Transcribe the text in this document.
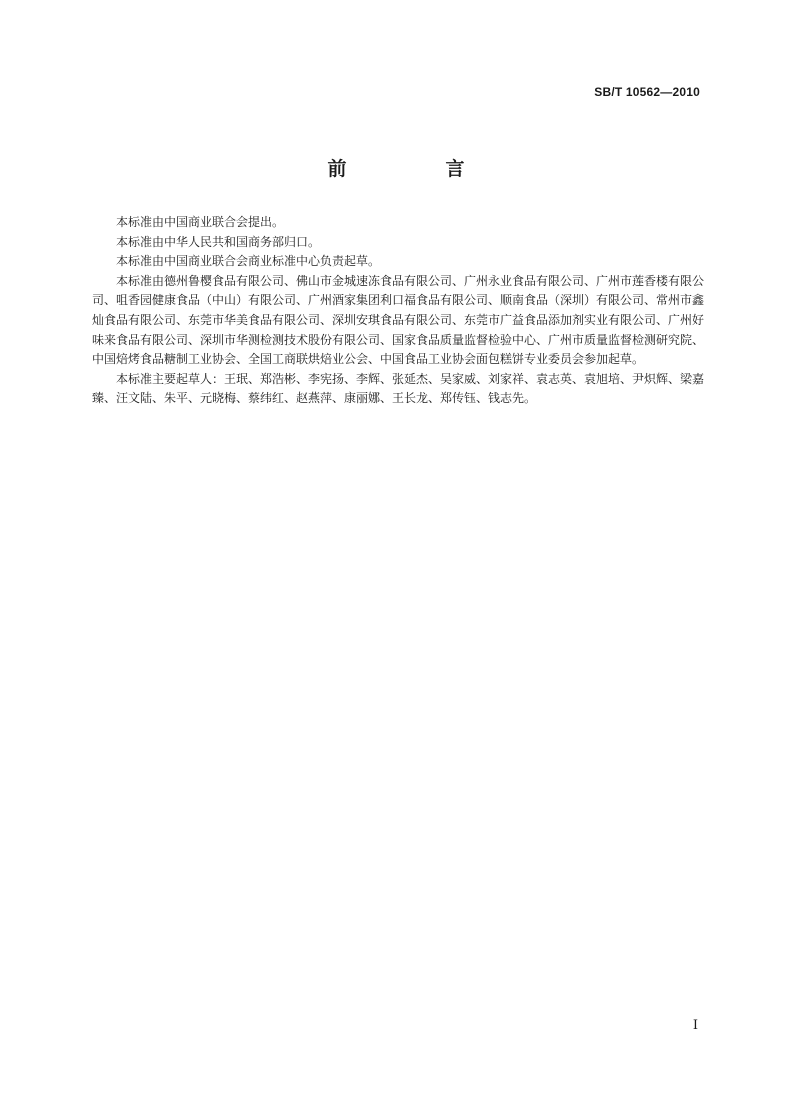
SB/T 10562—2010
前　言

本标准由中国商业联合会提出。

本标准由中华人民共和国商务部归口。

本标准由中国商业联合会商业标准中心负责起草。

本标准由德州鲁樱食品有限公司、佛山市金城速冻食品有限公司、广州永业食品有限公司、广州市莲香楼有限公司、咀香园健康食品（中山）有限公司、广州酒家集团利口福食品有限公司、顺南食品（深圳）有限公司、常州市鑫灿食品有限公司、东莞市华美食品有限公司、深圳安琪食品有限公司、东莞市广益食品添加剂实业有限公司、广州好味来食品有限公司、深圳市华测检测技术股份有限公司、国家食品质量监督检验中心、广州市质量监督检测研究院、中国焙烤食品糖制工业协会、全国工商联烘焙业公会、中国食品工业协会面包糕饼专业委员会参加起草。

本标准主要起草人：王珉、郑浩彬、李宪扬、李辉、张延杰、吴家威、刘家祥、袁志英、袁旭培、尹炽辉、梁嘉臻、汪文陆、朱平、元晓梅、蔡纬红、赵燕萍、康丽娜、王长龙、郑传钰、钱志先。

I
